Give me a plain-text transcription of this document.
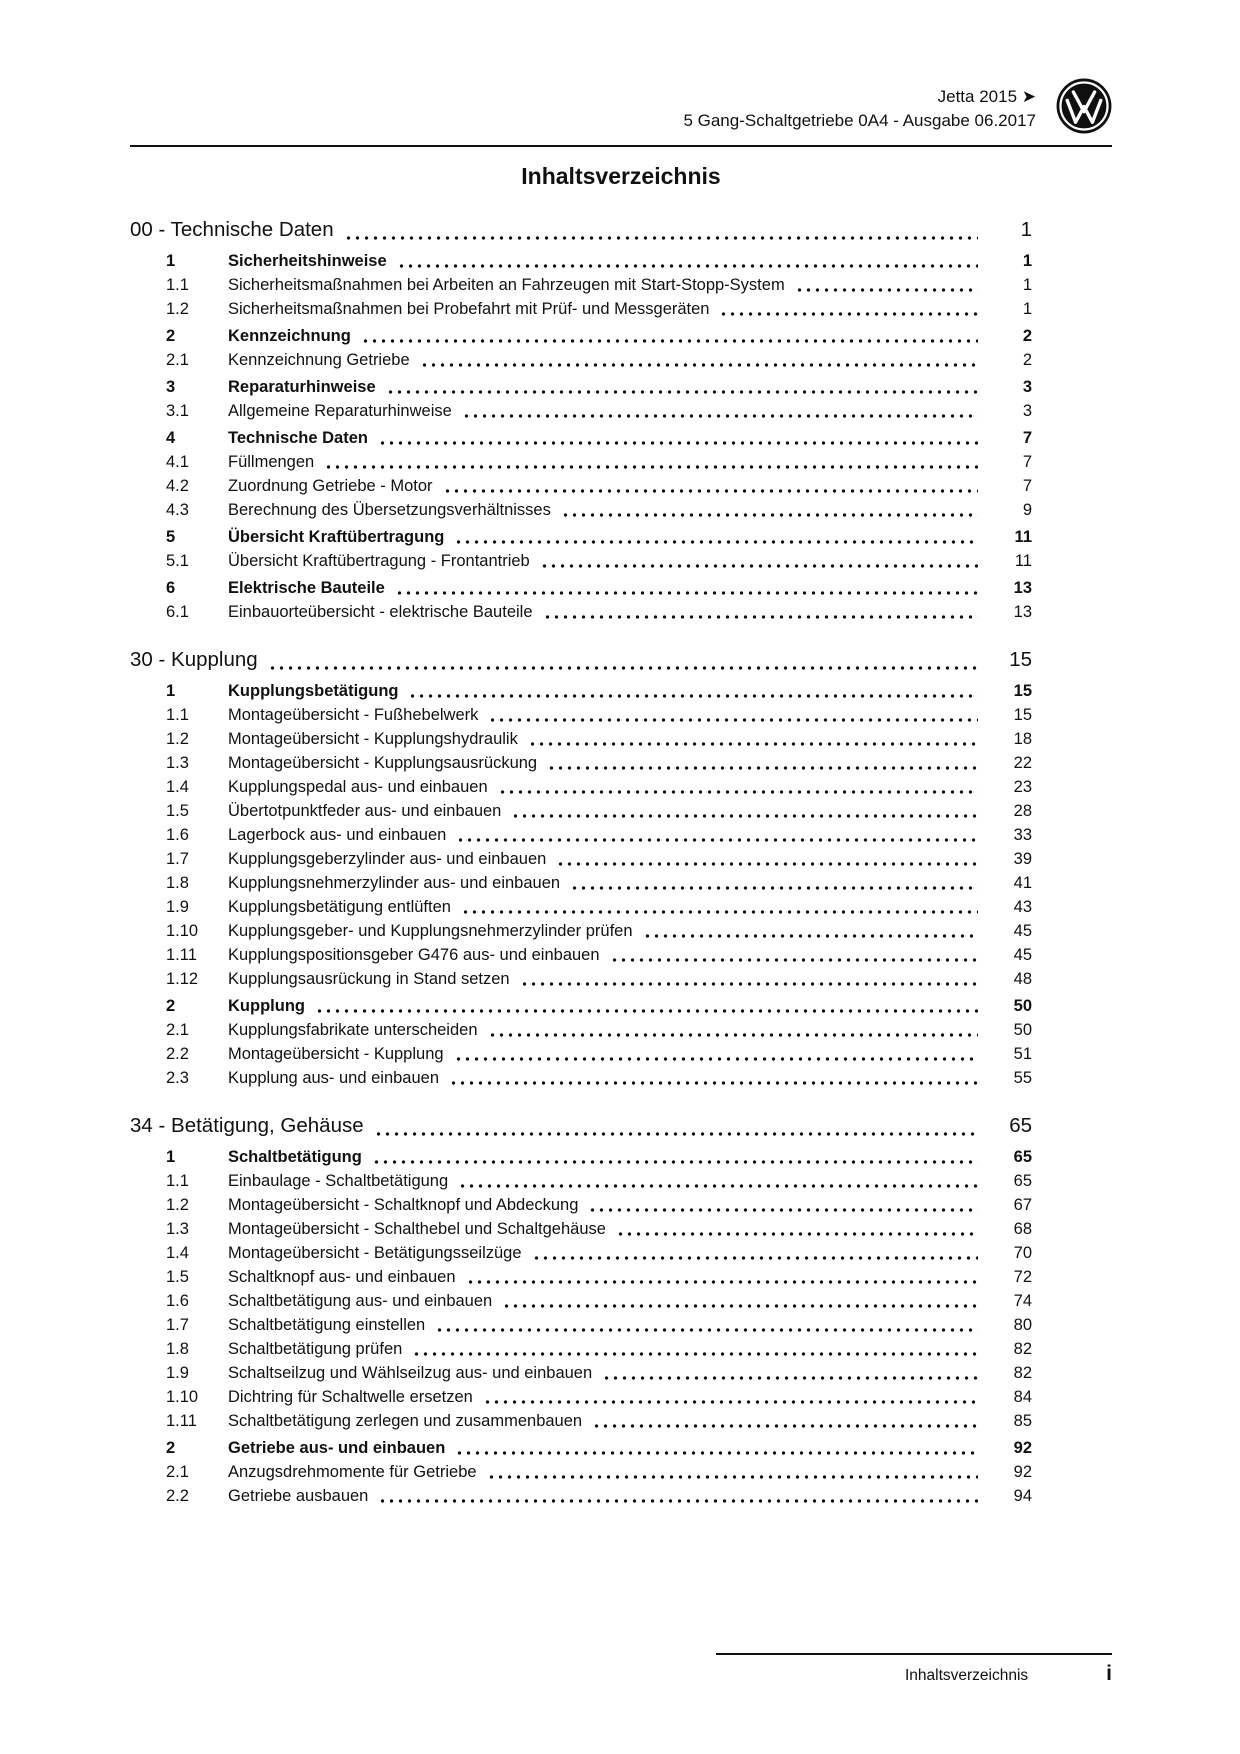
Jetta 2015 ➤
5 Gang-Schaltgetriebe 0A4 - Ausgabe 06.2017
Inhaltsverzeichnis
00 - Technische Daten	1
1	Sicherheitshinweise	1
1.1	Sicherheitsmaßnahmen bei Arbeiten an Fahrzeugen mit Start-Stopp-System	1
1.2	Sicherheitsmaßnahmen bei Probefahrt mit Prüf- und Messgeräten	1
2	Kennzeichnung	2
2.1	Kennzeichnung Getriebe	2
3	Reparaturhinweise	3
3.1	Allgemeine Reparaturhinweise	3
4	Technische Daten	7
4.1	Füllmengen	7
4.2	Zuordnung Getriebe - Motor	7
4.3	Berechnung des Übersetzungsverhältnisses	9
5	Übersicht Kraftübertragung	11
5.1	Übersicht Kraftübertragung - Frontantrieb	11
6	Elektrische Bauteile	13
6.1	Einbauorteübersicht - elektrische Bauteile	13
30 - Kupplung	15
1	Kupplungsbetätigung	15
1.1	Montageübersicht - Fußhebelwerk	15
1.2	Montageübersicht - Kupplungshydraulik	18
1.3	Montageübersicht - Kupplungsausrückung	22
1.4	Kupplungspedal aus- und einbauen	23
1.5	Übertotpunktfeder aus- und einbauen	28
1.6	Lagerbock aus- und einbauen	33
1.7	Kupplungsgeberzylinder aus- und einbauen	39
1.8	Kupplungsnehmerzylinder aus- und einbauen	41
1.9	Kupplungsbetätigung entlüften	43
1.10	Kupplungsgeber- und Kupplungsnehmerzylinder prüfen	45
1.11	Kupplungspositionsgeber G476 aus- und einbauen	45
1.12	Kupplungsausrückung in Stand setzen	48
2	Kupplung	50
2.1	Kupplungsfabrikate unterscheiden	50
2.2	Montageübersicht - Kupplung	51
2.3	Kupplung aus- und einbauen	55
34 - Betätigung, Gehäuse	65
1	Schaltbetätigung	65
1.1	Einbaulage - Schaltbetätigung	65
1.2	Montageübersicht - Schaltknopf und Abdeckung	67
1.3	Montageübersicht - Schalthebel und Schaltgehäuse	68
1.4	Montageübersicht - Betätigungsseilzüge	70
1.5	Schaltknopf aus- und einbauen	72
1.6	Schaltbetätigung aus- und einbauen	74
1.7	Schaltbetätigung einstellen	80
1.8	Schaltbetätigung prüfen	82
1.9	Schaltseilzug und Wählseilzug aus- und einbauen	82
1.10	Dichtring für Schaltwelle ersetzen	84
1.11	Schaltbetätigung zerlegen und zusammenbauen	85
2	Getriebe aus- und einbauen	92
2.1	Anzugsdrehmomente für Getriebe	92
2.2	Getriebe ausbauen	94
Inhaltsverzeichnis	i
